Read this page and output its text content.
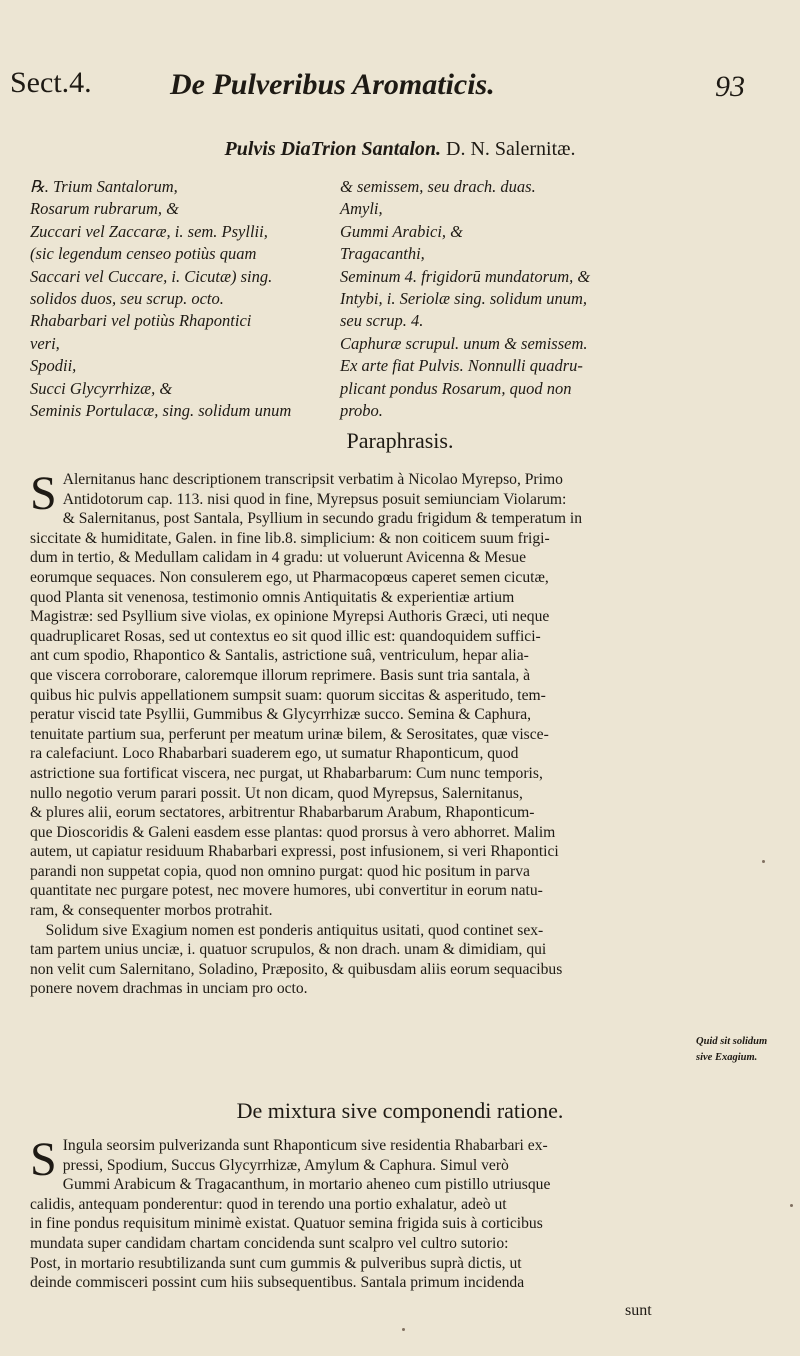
Sect.4.	De Pulveribus Aromaticis.	93
Pulvis DiaTrion Santalon. D. N. Salernitæ.
℞. Trium Santalorum,
Rosarum rubrarum, &
Zuccari vel Zaccaræ, i. sem. Psyllii,
(sic legendum censeo potiùs quam
Saccari vel Cuccare, i. Cicutæ) sing.
solidos duos, seu scrup. octo.
Rhabarbari vel potiùs Rhapontici
veri,
Spodii,
Succi Glycyrrhizæ, &
Seminis Portulacæ, sing. solidum unum
& semissem, seu drach. duas.
Amyli,
Gummi Arabici, &
Tragacanthi,
Seminum 4. frigidorū mundatorum, &
Intybi, i. Seriolæ sing. solidum unum,
seu scrup. 4.
Caphuræ scrupul. unum & semissem.
Ex arte fiat Pulvis. Nonnulli quadru-
plicant pondus Rosarum, quod non
probo.
Paraphrasis.
S Alernitanus hanc descriptionem transcripsit verbatim à Nicolao Myrepso, Primo
Antidotorum cap. 113. nisi quod in fine, Myrepsus posuit semiunciam Violarum:
& Salernitanus, post Santala, Psyllium in secundo gradu frigidum & temperatum in
siccitate & humiditate, Galen. in fine lib.8. simplicium: & non coiticem suum frigi-
dum in tertio, & Medullam calidam in 4 gradu: ut voluerunt Avicenna & Mesue
eorumque sequaces. Non consulerem ego, ut Pharmacopœus caperet semen cicutæ,
quod Planta sit venenosa, testimonio omnis Antiquitatis & experientiæ artium
Magistræ: sed Psyllium sive violas, ex opinione Myrepsi Authoris Græci, uti neque
quadruplicaret Rosas, sed ut contextus eo sit quod illic est: quandoquidem suffici-
ant cum spodio, Rhapontico & Santalis, astrictione suâ, ventriculum, hepar alia-
que viscera corroborare, caloremque illorum reprimere. Basis sunt tria santala, à
quibus hic pulvis appellationem sumpsit suam: quorum siccitas & asperitudo, tem-
peratur viscid tate Psyllii, Gummibus & Glycyrrhizæ succo. Semina & Caphura,
tenuitate partium sua, perferunt per meatum urinæ bilem, & Serositates, quæ visce-
ra calefaciunt. Loco Rhabarbari suaderem ego, ut sumatur Rhaponticum, quod
astrictione sua fortificat viscera, nec purgat, ut Rhabarbarum: Cum nunc temporis,
nullo negotio verum parari possit. Ut non dicam, quod Myrepsus, Salernitanus,
& plures alii, eorum sectatores, arbitrentur Rhabarbarum Arabum, Rhaponticum-
que Dioscoridis & Galeni easdem esse plantas: quod prorsus à vero abhorret. Malim
autem, ut capiatur residuum Rhabarbari expressi, post infusionem, si veri Rhapontici
parandi non suppetat copia, quod non omnino purgat: quod hic positum in parva
quantitate nec purgare potest, nec movere humores, ubi convertitur in eorum natu-
ram, & consequenter morbos protrahit.
Solidum sive Exagium nomen est ponderis antiquitus usitati, quod continet sex-
tam partem unius unciæ, i. quatuor scrupulos, & non drach. unam & dimidiam, qui
non velit cum Salernitano, Soladino, Præposito, & quibusdam aliis eorum sequacibus
ponere novem drachmas in unciam pro octo.
Quid sit solidum
sive Exagium.
De mixtura sive componendi ratione.
S Ingula seorsim pulverizanda sunt Rhaponticum sive residentia Rhabarbari ex-
pressi, Spodium, Succus Glycyrrhizæ, Amylum & Caphura. Simul verò
Gummi Arabicum & Tragacanthum, in mortario aheneo cum pistillo utriusque
calidis, antequam ponderentur: quod in terendo una portio exhalatur, adeò ut
in fine pondus requisitum minimè existat. Quatuor semina frigida suis à corticibus
mundata super candidam chartam concidenda sunt scalpro vel cultro sutorio:
Post, in mortario resubtilizanda sunt cum gummis & pulveribus suprà dictis, ut
deinde commisceri possint cum hiis subsequentibus. Santala primum incidenda
sunt
